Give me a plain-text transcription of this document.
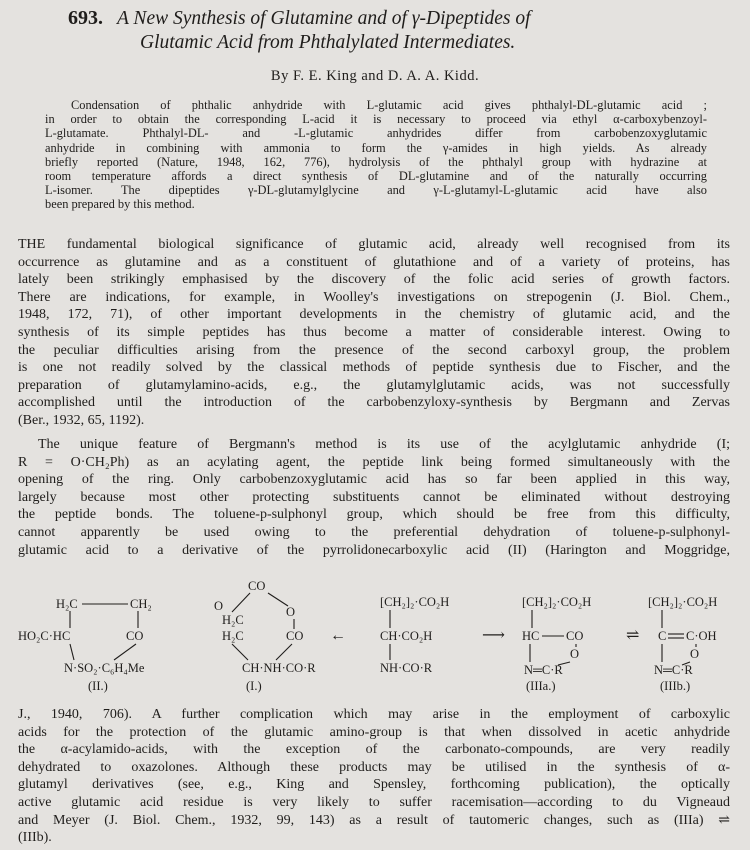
693. A New Synthesis of Glutamine and of γ-Dipeptides of
Glutamic Acid from Phthalylated Intermediates.
By F. E. King and D. A. A. Kidd.
Condensation of phthalic anhydride with L-glutamic acid gives phthalyl-DL-glutamic acid ;
in order to obtain the corresponding L-acid it is necessary to proceed via ethyl α-carboxybenzoyl-
L-glutamate. Phthalyl-DL- and -L-glutamic anhydrides differ from carbobenzoxyglutamic
anhydride in combining with ammonia to form the γ-amides in high yields. As already
briefly reported (Nature, 1948, 162, 776), hydrolysis of the phthalyl group with hydrazine at
room temperature affords a direct synthesis of DL-glutamine and of the naturally occurring
L-isomer. The dipeptides γ-DL-glutamylglycine and γ-L-glutamyl-L-glutamic acid have also
been prepared by this method.
THE fundamental biological significance of glutamic acid, already well recognised from its
occurrence as glutamine and as a constituent of glutathione and of a variety of proteins, has
lately been strikingly emphasised by the discovery of the folic acid series of growth factors.
There are indications, for example, in Woolley's investigations on strepogenin (J. Biol. Chem.,
1948, 172, 71), of other important developments in the chemistry of glutamic acid, and the
synthesis of its simple peptides has thus become a matter of considerable interest. Owing to
the peculiar difficulties arising from the presence of the second carboxyl group, the problem
is one not readily solved by the classical methods of peptide synthesis due to Fischer, and the
preparation of glutamylamino-acids, e.g., the glutamylglutamic acids, was not successfully
accomplished until the introduction of the carbobenzyloxy-synthesis by Bergmann and Zervas
(Ber., 1932, 65, 1192).
The unique feature of Bergmann's method is its use of the acylglutamic anhydride (I;
R = O·CH₂Ph) as an acylating agent, the peptide link being formed simultaneously with the
opening of the ring. Only carbobenzoxyglutamic acid has so far been applied in this way,
largely because most other protecting substituents cannot be eliminated without destroying
the peptide bonds. The toluene-p-sulphonyl group, which should be free from this difficulty,
cannot apparently be used owing to the preferential dehydration of toluene-p-sulphonyl-
glutamic acid to a derivative of the pyrrolidonecarboxylic acid (II) (Harington and Moggridge,
H₂C	CH₂
HO₂C·HC	CO
N·SO₂·C₆H₄Me
(II.)
CO
O
H₂C
H₂C
O
CO
CH·NH·CO·R
(I.)
←
[CH₂]₂·CO₂H
CH·CO₂H
NH·CO·R
⟶
[CH₂]₂·CO₂H
HC CO
O
N═C·R
(IIIa.)
⇌
[CH₂]₂·CO₂H
C C·OH
O
N═C·R
(IIIb.)
J., 1940, 706). A further complication which may arise in the employment of carboxylic
acids for the protection of the glutamic amino-group is that when dissolved in acetic anhydride
the α-acylamido-acids, with the exception of the carbonato-compounds, are very readily
dehydrated to oxazolones. Although these products may be utilised in the synthesis of α-
glutamyl derivatives (see, e.g., King and Spensley, forthcoming publication), the optically
active glutamic acid residue is very likely to suffer racemisation—according to du Vigneaud
and Meyer (J. Biol. Chem., 1932, 99, 143) as a result of tautomeric changes, such as (IIIa) ⇌
(IIIb).
